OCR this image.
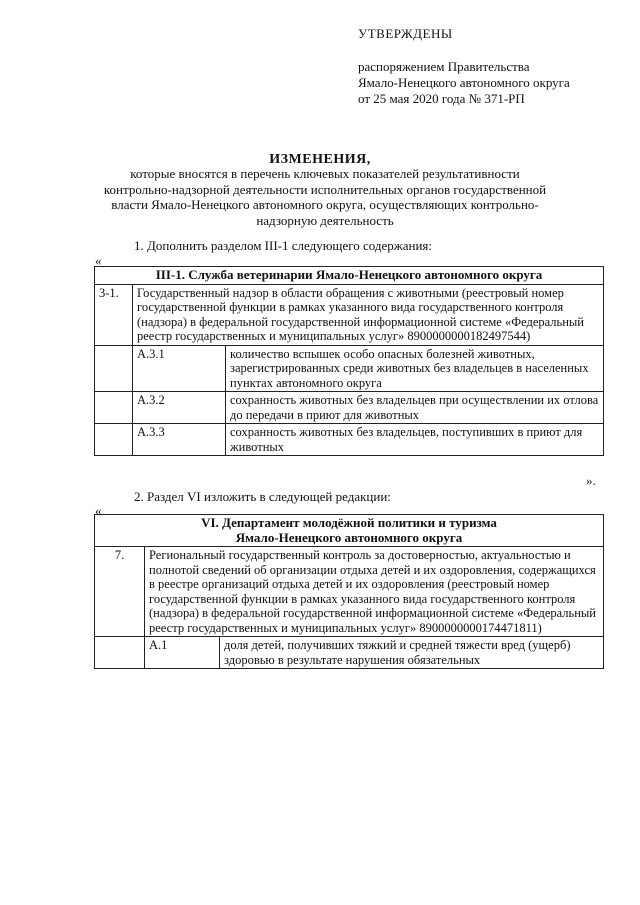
УТВЕРЖДЕНЫ
распоряжением Правительства
Ямало-Ненецкого автономного округа
от 25 мая 2020 года № 371-РП
ИЗМЕНЕНИЯ,
которые вносятся в перечень ключевых показателей результативности
контрольно-надзорной деятельности исполнительных органов государственной
власти Ямало-Ненецкого автономного округа, осуществляющих контрольно-
надзорную деятельность
1. Дополнить разделом III-1 следующего содержания:
«
III-1. Служба ветеринарии Ямало-Ненецкого автономного округа		
3-1.	Государственный надзор в области обращения с животными (реестровый номер государственной функции в рамках указанного вида государственного контроля (надзора) в федеральной государственной информационной системе «Федеральный реестр государственных и муниципальных услуг» 8900000000182497544)	
	А.3.1	количество вспышек особо опасных болезней животных, зарегистрированных среди животных без владельцев в населенных пунктах автономного округа
	А.3.2	сохранность животных без владельцев при осуществлении их отлова до передачи в приют для животных
	А.3.3	сохранность животных без владельцев, поступивших в приют для животных
».
2. Раздел VI изложить в следующей редакции:
«
VI. Департамент молодёжной политики и туризма
Ямало-Ненецкого автономного округа		

7.	Региональный государственный контроль за достоверностью, актуальностью и полнотой сведений об организации отдыха детей и их оздоровления, содержащихся в реестре организаций отдыха детей и их оздоровления (реестровый номер государственной функции в рамках указанного вида государственного контроля (надзора) в федеральной государственной информационной системе «Федеральный реестр государственных и муниципальных услуг» 8900000000174471811)	
	А.1	доля детей, получивших тяжкий и средней тяжести вред (ущерб) здоровью в результате нарушения обязательных
